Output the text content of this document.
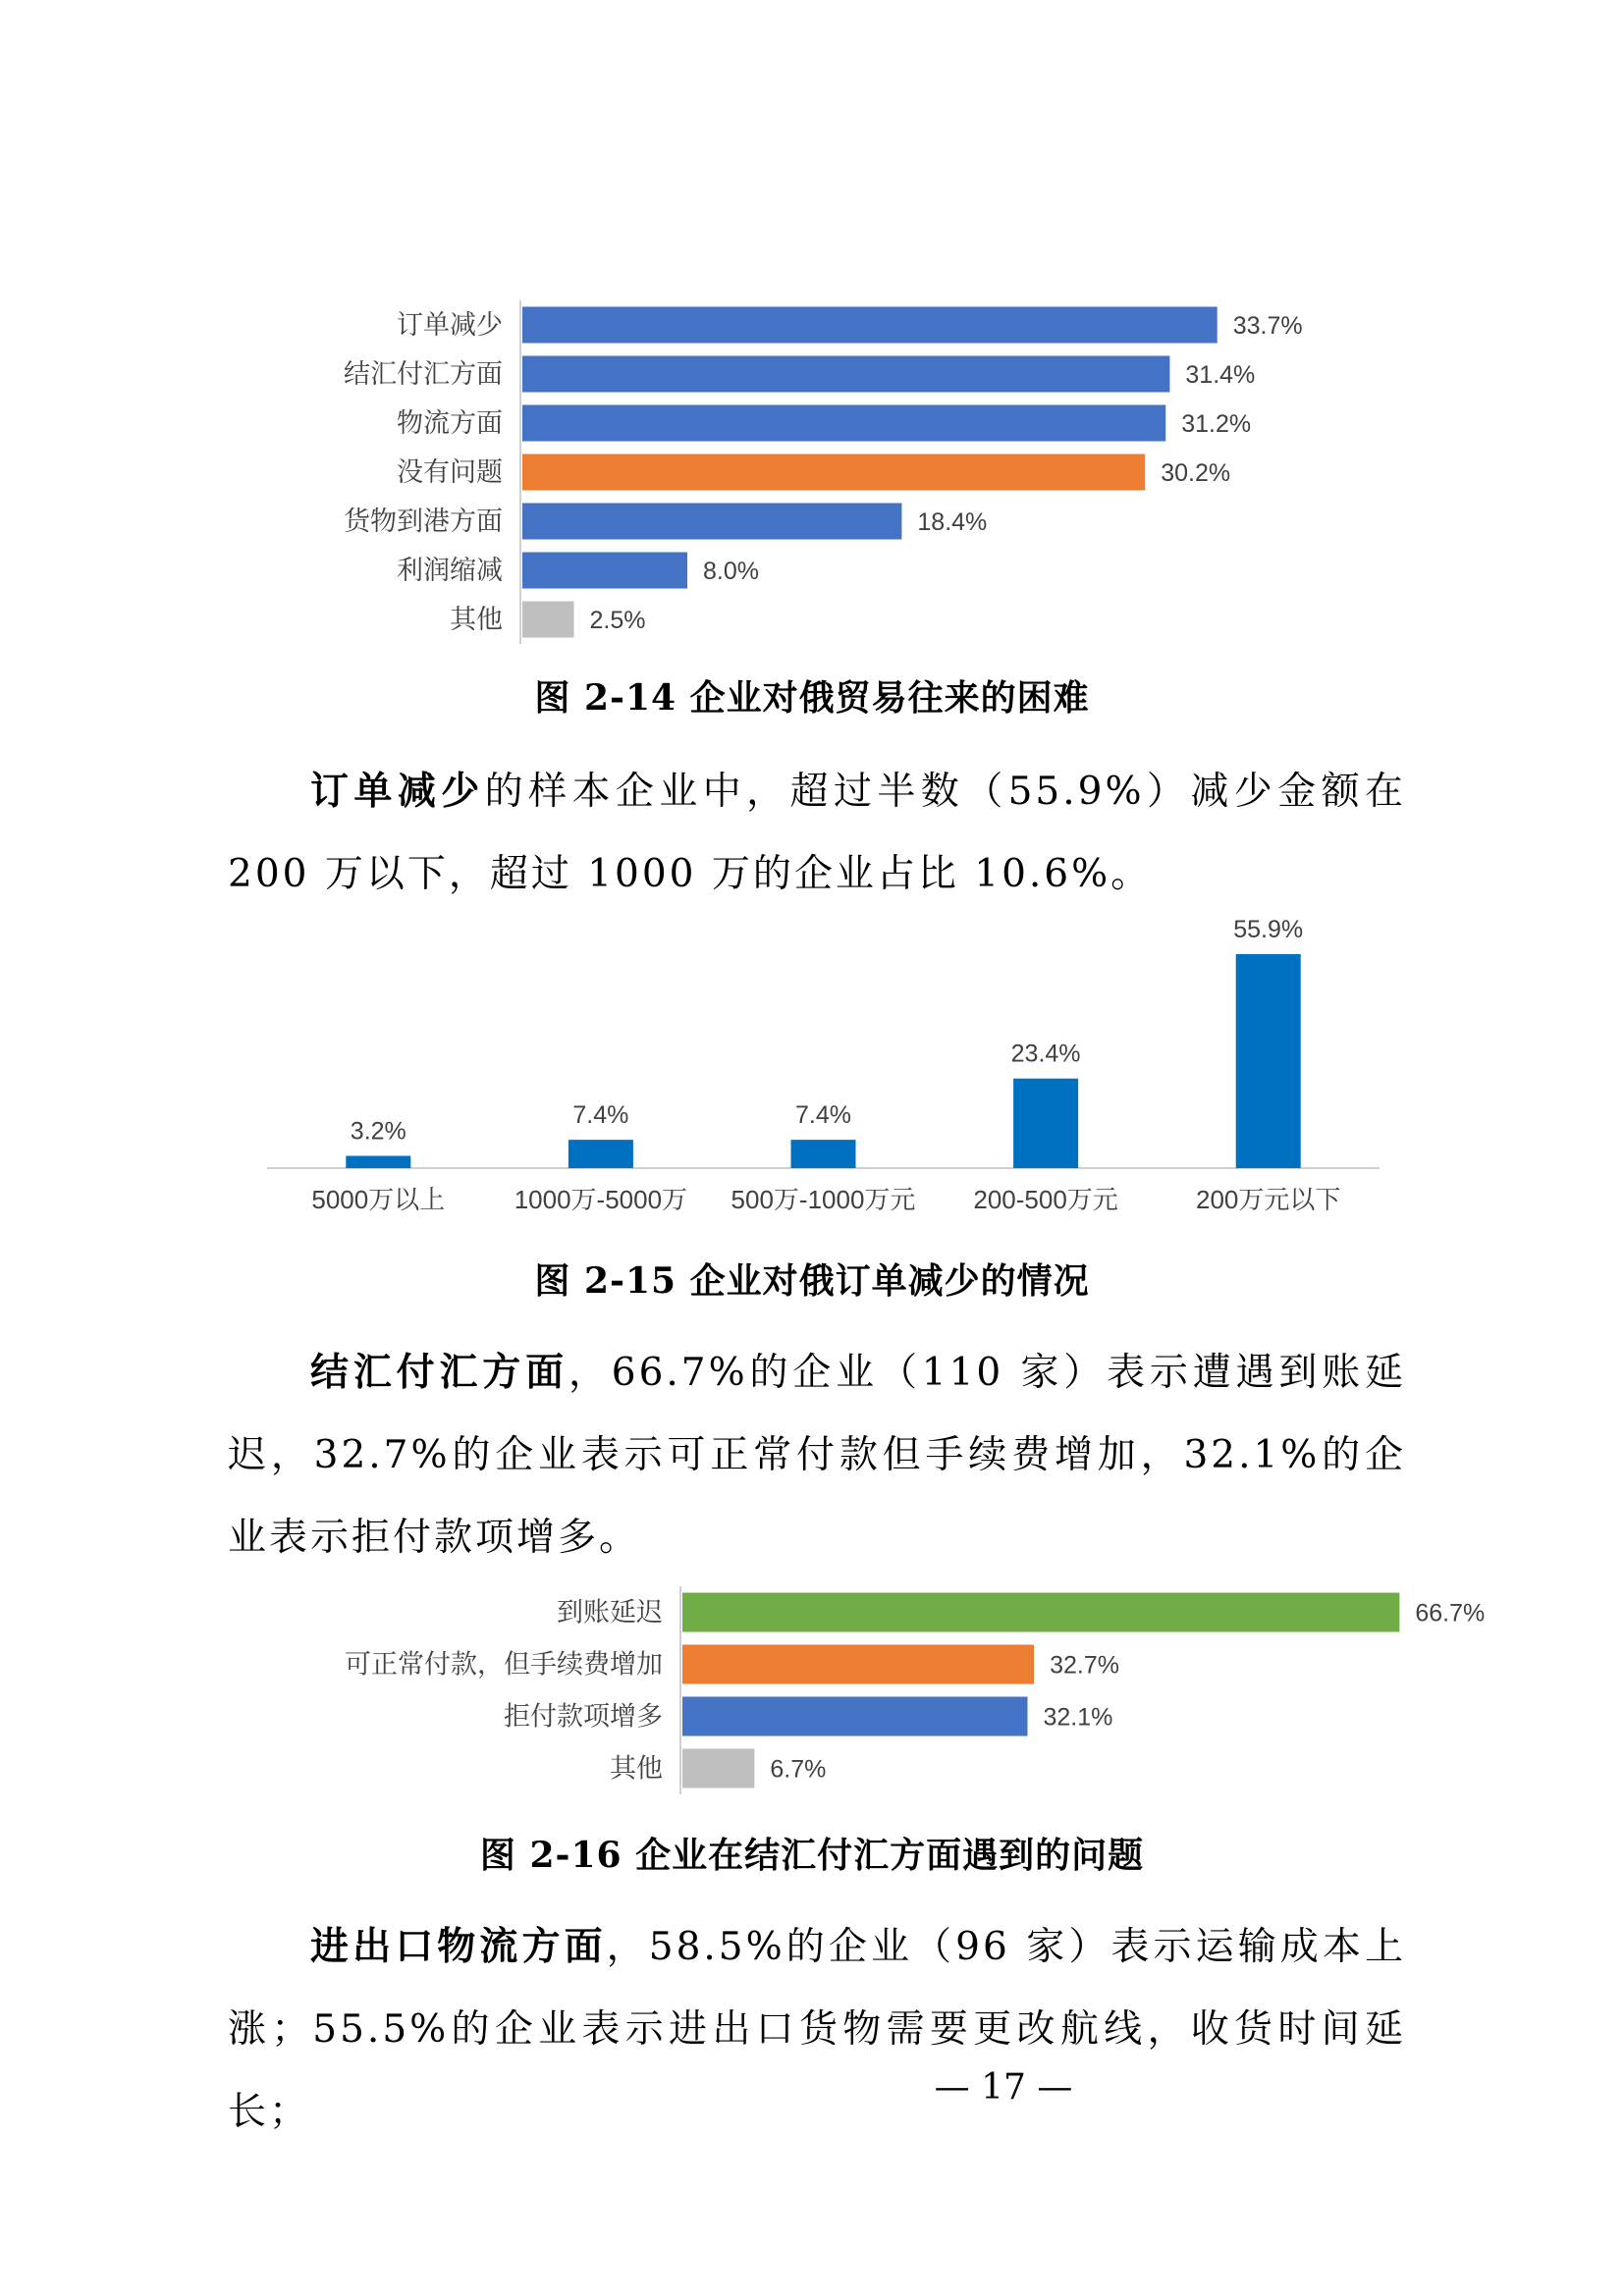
订单减少	33.7%
结汇付汇方面	31.4%
物流方面	31.2%
没有问题	30.2%
货物到港方面	18.4%
利润缩减	8.0%
其他	2.5%
3.2%
5000万以上
7.4%
1000万-5000万
7.4%
500万-1000万元
23.4%
200-500万元
55.9%
200万元以下
到账延迟	66.7%
可正常付款，但手续费增加	32.7%
拒付款项增多	32.1%
其他	6.7%
图 2-14 企业对俄贸易往来的困难
订单减少的样本企业中，超过半数（55.9%）减少金额在 200 万以下，超过 1000 万的企业占比 10.6%。
图 2-15 企业对俄订单减少的情况
结汇付汇方面，66.7%的企业（110 家）表示遭遇到账延迟，32.7%的企业表示可正常付款但手续费增加，32.1%的企业表示拒付款项增多。
图 2-16 企业在结汇付汇方面遇到的问题
进出口物流方面，58.5%的企业（96 家）表示运输成本上涨；55.5%的企业表示进出口货物需要更改航线，收货时间延长；
— 17 —
